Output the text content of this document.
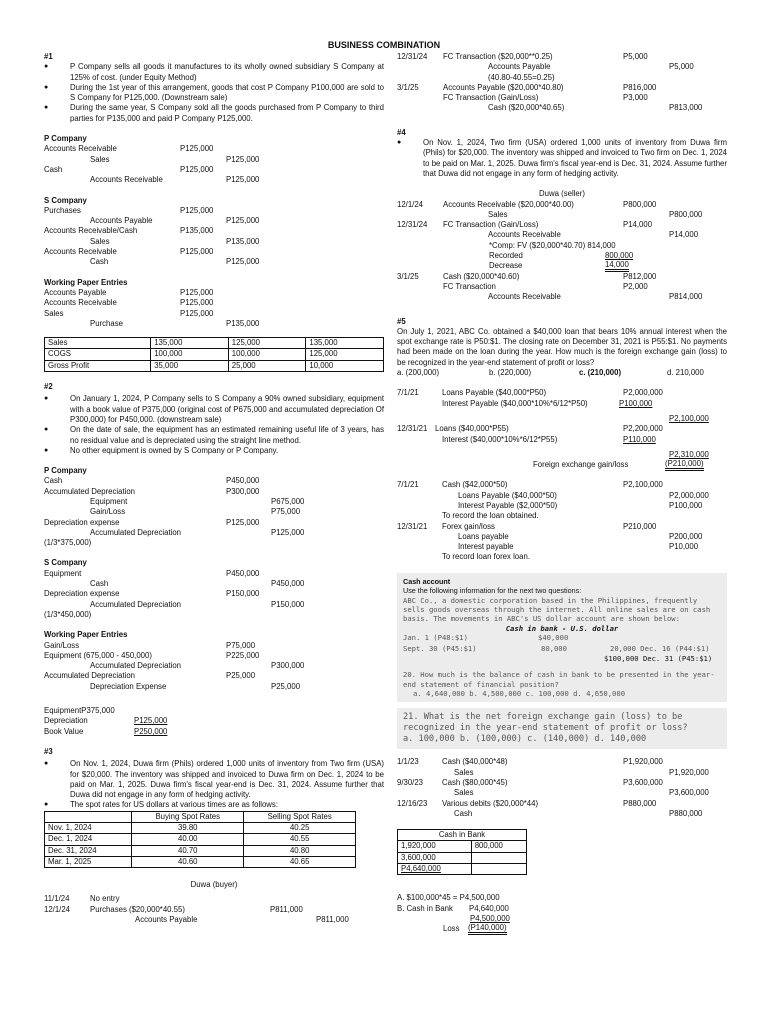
BUSINESS COMBINATION
#1
● P Company sells all goods it manufactures to its wholly owned subsidiary S Company at 125% of cost. (under Equity Method)
● During the 1st year of this arrangement, goods that cost P Company P100,000 are sold to S Company for P125,000. (Downstream sale)
● During the same year, S Company sold all the goods purchased from P Company to third parties for P135,000 and paid P Company P125,000.
P Company
Accounts Receivable	P125,000
Sales	P125,000
Cash	P125,000
Accounts Receivable	P125,000
S Company
Purchases	P125,000
Accounts Payable	P125,000
Accounts Receivable/Cash	P135,000
Sales	P135,000
Accounts Receivable	P125,000
Cash	P125,000
Working Paper Entries
Accounts Payable	P125,000
Accounts Receivable	P125,000
Sales	P125,000
Purchase	P135,000
Sales	135,000	125,000	135,000
COGS	100,000	100,000	125,000
Gross Profit	35,000	25,000	10,000
#2
● On January 1, 2024, P Company sells to S Company a 90% owned subsidiary, equipment with a book value of P375,000 (original cost of P675,000 and accumulated depreciation Of P300,000) for P450,000. (downstream sale)
● On the date of sale, the equipment has an estimated remaining useful life of 3 years, has no residual value and is depreciated using the straight line method.
● No other equipment is owned by S Company or P Company.
P Company
Cash	P450,000
Accumulated Depreciation	P300,000
Equipment	P675,000
Gain/Loss	P75,000
Depreciation expense	P125,000
Accumulated Depreciation	P125,000
(1/3*375,000)
S Company
Equipment	P450,000
Cash	P450,000
Depreciation expense	P150,000
Accumulated Depreciation	P150,000
(1/3*450,000)
Working Paper Entries
Gain/Loss	P75,000
Equipment (675,000 - 450,000)	P225,000
Accumulated Depreciation	P300,000
Accumulated Depreciation	P25,000
Depreciation Expense	P25,000
EquipmentP375,000
Depreciation	P125,000
Book Value	P250,000
#3
● On Nov. 1, 2024, Duwa firm (Phils) ordered 1,000 units of inventory from Two firm (USA) for $20,000. The inventory was shipped and invoiced to Duwa firm on Dec. 1, 2024 to be paid on Mar. 1, 2025. Duwa firm's fiscal year-end is Dec. 31, 2024. Assume further that Duwa did not engage in any form of hedging activity.
● The spot rates for US dollars at various times are as follows:
	Buying Spot Rates	Selling Spot Rates
Nov. 1, 2024	39.80	40.25
Dec. 1, 2024	40.00	40.55
Dec. 31, 2024	40.70	40.80
Mar. 1, 2025	40.60	40.65
Duwa (buyer)
11/1/24	No entry
12/1/24	Purchases ($20,000*40.55)	P811,000
Accounts Payable	P811,000
12/31/24 FC Transaction ($20,000**0.25)	P5,000
Accounts Payable	P5,000
(40.80-40.55=0.25)
3/1/25	Accounts Payable ($20,000*40.80)	P816,000
FC Transaction (Gain/Loss)	P3,000
Cash ($20,000*40.65)	P813,000
#4
● On Nov. 1, 2024, Two firm (USA) ordered 1,000 units of inventory from Duwa firm (Phils) for $20,000. The inventory was shipped and invoiced to Two firm on Dec. 1, 2024 to be paid on Mar. 1, 2025. Duwa firm's fiscal year-end is Dec. 31, 2024. Assume further that Duwa did not engage in any form of hedging activity.
Duwa (seller)
12/1/24	Accounts Receivable ($20,000*40.00)	P800,000
Sales	P800,000
12/31/24 FC Transaction (Gain/Loss)	P14,000
Accounts Receivable	P14,000
*Comp: FV ($20,000*40.70) 814,000
Recorded	800,000
Decrease	14,000
3/1/25	Cash ($20,000*40.60)	P812,000
FC Transaction	P2,000
Accounts Receivable	P814,000
#5
On July 1, 2021, ABC Co. obtained a $40,000 loan that bears 10% annual interest when the spot exchange rate is P50:$1. The closing rate on December 31, 2021 is P55:$1. No payments had been made on the loan during the year. How much is the foreign exchange gain (loss) to be recognized in the year-end statement of profit or loss?
a. (200,000)	b. (220,000)	c. (210,000)	d. 210,000
7/1/21	Loans Payable ($40,000*P50)	P2,000,000
Interest Payable ($40,000*10%*6/12*P50)	P100,000
P2,100,000
12/31/21 Loans ($40,000*P55)	P2,200,000
Interest ($40,000*10%*6/12*P55)	P110,000
P2,310,000
Foreign exchange gain/loss	(P210,000)
7/1/21	Cash ($42,000*50)	P2,100,000
Loans Payable ($40,000*50)	P2,000,000
Interest Payable ($2,000*50)	P100,000
To record the loan obtained.
12/31/21 Forex gain/loss	P210,000
Loans payable	P200,000
Interest payable	P10,000
To record loan forex loan.
Cash account
Use the following information for the next two questions:
ABC Co., a domestic corporation based in the Philippines, frequently sells goods overseas through the internet. All online sales are on cash basis. The movements in ABC's US dollar account are shown below:
Cash in bank - U.S. dollar
Jan. 1 (P48:$1)	$40,000
Sept. 30 (P45:$1)	80,000	20,000 Dec. 16 (P44:$1)
$100,000 Dec. 31 (P45:$1)
20. How much is the balance of cash in bank to be presented in the year-end statement of financial position?
a. 4,640,000 b. 4,500,000 c. 100,000 d. 4,650,000
21. What is the net foreign exchange gain (loss) to be recognized in the year-end statement of profit or loss?
a. 100,000 b. (100,000) c. (140,000) d. 140,000
1/1/23	Cash ($40,000*48)	P1,920,000
Sales	P1,920,000
9/30/23 Cash ($80,000*45)	P3,600,000
Sales	P3,600,000
12/16/23 Various debits ($20,000*44)	P880,000
Cash	P880,000
Cash in Bank	
1,920,000	800,000
3,600,000	
P4,640,000	
A. $100,000*45 = P4,500,000
B. Cash in Bank P4,640,000
P4,500,000
Loss (P140,000)
